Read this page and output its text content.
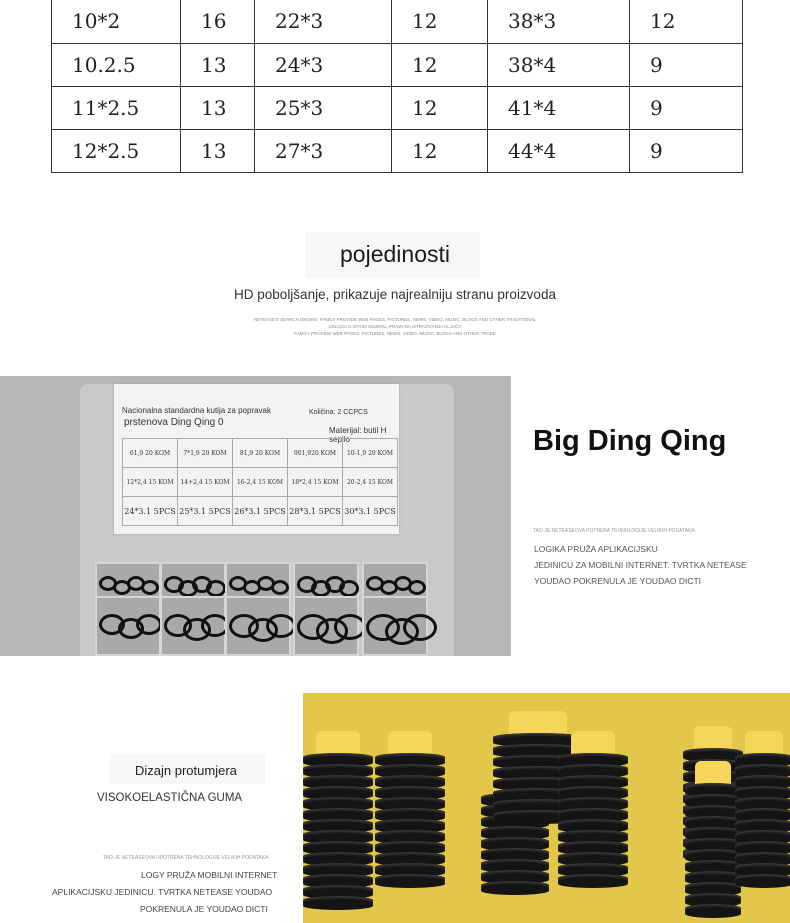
10*2	16	22*3	12	38*3	12
10.2.5	13	24*3	12	38*4	9
11*2.5	13	25*3	12	41*4	9
12*2.5	13	27*3	12	44*4	9
pojedinosti
HD poboljšanje, prikazuje najrealniju stranu proizvoda
NETEASE'S SEARCH ENGINE, FAMILY PROVIDE WEB PAGES, PICTURES, NEWS, VIDEO, MUSIC, BLOGS AND OTHER TRADITIONAL
USLUGA U ISTOM SMJERU, PRAVA NA ISTRAŽIVANJA KLJUČA
FAMILY PROVIDE WEB PAGES, PICTURES, NEWS, VIDEO, MUSIC, BLOGS AND OTHER TRADE
Nacionalna standardna kutija za popravak
prstenova Ding Qing 0
Količina: 2 CCPCS
Materijal: butil H sepilo
61,9 20 KOM	7*1,9 20 KOM	81,9 20 KOM	901,920 KOM	10-1,9 20 KOM
12*2,4 15 KOM	14+2,4 15 KOM	16-2,4 15 KOM	18*2,4 15 KOM	20-2,4 15 KOM
24*3.1 5PCS	25*3.1 5PCS	26*3.1 5PCS	28*3.1 5PCS	30*3.1 5PCS
Big Ding Qing
TAO JE NETEASEOVA POTREBA TEHNOLOGIJE VELIKIH PODATAKA
LOGIKA PRUŽA APLIKACIJSKU
JEDINICU ZA MOBILNI INTERNET. TVRTKA NETEASE
YOUDAO POKRENULA JE YOUDAO DICTI
Dizajn protumjera
VISOKOELASTIČNA GUMA
TAO JE NETEASEOVA UPOTREBA TEHNOLOGIJE VELIKIH PODATAKA
LOGY PRUŽA MOBILNI INTERNET
APLIKACIJSKU JEDINICU. TVRTKA NETEASE YOUDAO
POKRENULA JE YOUDAO DICTI
